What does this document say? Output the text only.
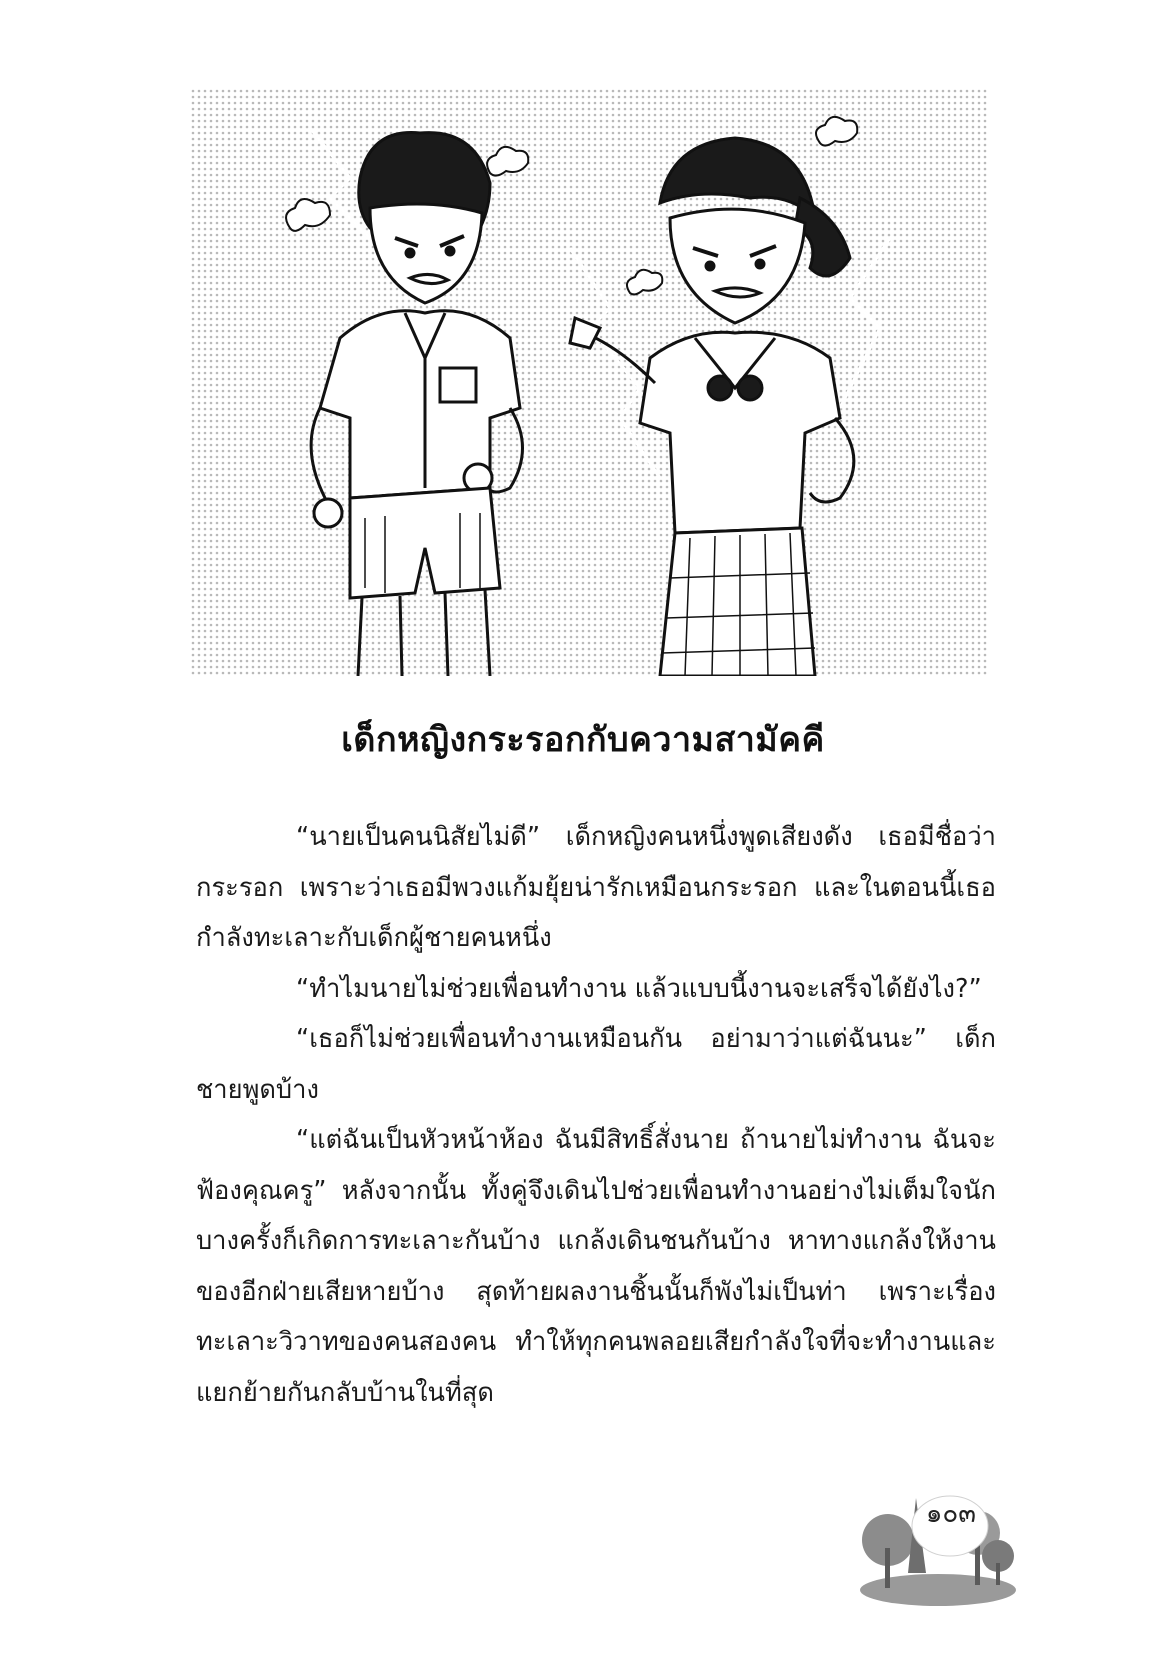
เด็กหญิงกระรอกกับความสามัคคี

“นายเป็นคนนิสัยไม่ดี” เด็กหญิงคนหนึ่งพูดเสียงดัง เธอมีชื่อว่ากระรอก เพราะว่าเธอมีพวงแก้มยุ้ยน่ารักเหมือนกระรอก และในตอนนี้เธอกำลังทะเลาะกับเด็กผู้ชายคนหนึ่ง

“ทำไมนายไม่ช่วยเพื่อนทำงาน แล้วแบบนี้งานจะเสร็จได้ยังไง?”

“เธอก็ไม่ช่วยเพื่อนทำงานเหมือนกัน อย่ามาว่าแต่ฉันนะ” เด็กชายพูดบ้าง

“แต่ฉันเป็นหัวหน้าห้อง ฉันมีสิทธิ์สั่งนาย ถ้านายไม่ทำงาน ฉันจะฟ้องคุณครู” หลังจากนั้น ทั้งคู่จึงเดินไปช่วยเพื่อนทำงานอย่างไม่เต็มใจนัก บางครั้งก็เกิดการทะเลาะกันบ้าง แกล้งเดินชนกันบ้าง หาทางแกล้งให้งานของอีกฝ่ายเสียหายบ้าง สุดท้ายผลงานชิ้นนั้นก็พังไม่เป็นท่า เพราะเรื่องทะเลาะวิวาทของคนสองคน ทำให้ทุกคนพลอยเสียกำลังใจที่จะทำงานและแยกย้ายกันกลับบ้านในที่สุด

๑๐๓
